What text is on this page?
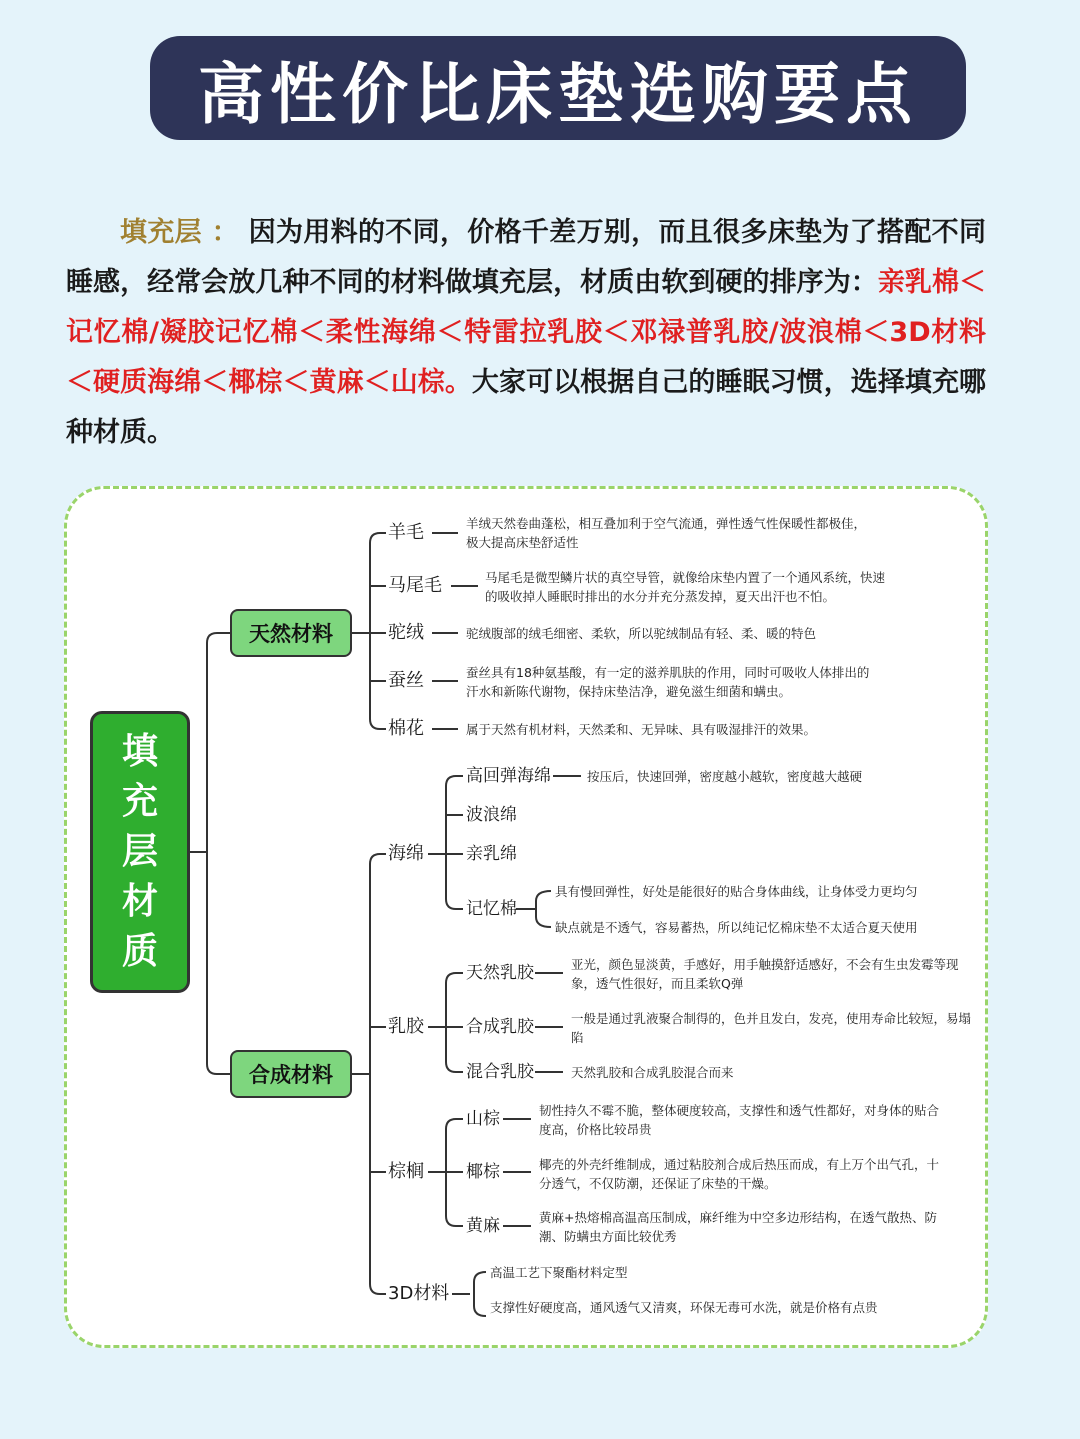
高性价比床垫选购要点
填充层 ： 因为用料的不同，价格千差万别，而且很多床垫为了搭配不同睡感，经常会放几种不同的材料做填充层，材质由软到硬的排序为：亲乳棉＜记忆棉/凝胶记忆棉＜柔性海绵＜特雷拉乳胶＜邓禄普乳胶/波浪棉＜3D材料＜硬质海绵＜椰棕＜黄麻＜山棕。大家可以根据自己的睡眠习惯，选择填充哪种材质。
填
充
层
材
质
天然材料
合成材料
羊毛	羊绒天然卷曲蓬松，相互叠加利于空气流通，弹性透气性保暖性都极佳，极大提高床垫舒适性
马尾毛	马尾毛是微型鳞片状的真空导管，就像给床垫内置了一个通风系统，快速的吸收掉人睡眠时排出的水分并充分蒸发掉，夏天出汗也不怕。
驼绒	驼绒腹部的绒毛细密、柔软，所以驼绒制品有轻、柔、暖的特色
蚕丝	蚕丝具有18种氨基酸，有一定的滋养肌肤的作用，同时可吸收人体排出的汗水和新陈代谢物，保持床垫洁净，避免滋生细菌和螨虫。
棉花	属于天然有机材料，天然柔和、无异味、具有吸湿排汗的效果。
海绵
高回弹海绵	按压后，快速回弹，密度越小越软，密度越大越硬
波浪绵
亲乳绵
记忆棉
具有慢回弹性，好处是能很好的贴合身体曲线，让身体受力更均匀
缺点就是不透气，容易蓄热，所以纯记忆棉床垫不太适合夏天使用
乳胶
天然乳胶	亚光，颜色显淡黄，手感好，用手触摸舒适感好，不会有生虫发霉等现象，透气性很好，而且柔软Q弹
合成乳胶	一般是通过乳液聚合制得的，色并且发白，发亮，使用寿命比较短，易塌陷
混合乳胶	天然乳胶和合成乳胶混合而来
棕榈
山棕	韧性持久不霉不脆，整体硬度较高，支撑性和透气性都好，对身体的贴合度高，价格比较昂贵
椰棕	椰壳的外壳纤维制成，通过粘胶剂合成后热压而成，有上万个出气孔，十分透气，不仅防潮，还保证了床垫的干燥。
黄麻	黄麻+热熔棉高温高压制成，麻纤维为中空多边形结构，在透气散热、防潮、防螨虫方面比较优秀
3D材料
高温工艺下聚酯材料定型
支撑性好硬度高，通风透气又清爽，环保无毒可水洗，就是价格有点贵
